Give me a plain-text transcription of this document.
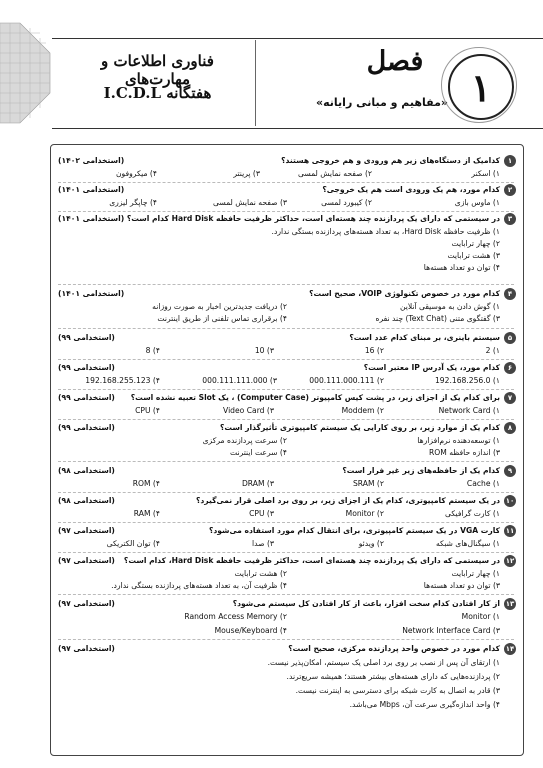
فناوری اطلاعات و مهارت‌های
هفتگانه I.C.D.L
فصل
«مفاهیم و مبانی رایانه» ۱
۱
کدامیک از دستگاه‌های زیر هم ورودی و هم خروجی هستند؟
(استخدامی ۱۴۰۲)
۱) اسکنر
۲) صفحه نمایش لمسی
۳) پرینتر
۴) میکروفون
۲
کدام مورد، هم یک ورودی است هم یک خروجی؟
(استخدامی ۱۴۰۱)
۱) ماوس بازی
۲) کیبورد لمسی
۳) صفحه نمایش لمسی
۴) چاپگر لیزری
۳
در سیستمی که دارای یک پردازنده چند هسته‌ای است، حداکثر ظرفیت حافظه Hard Disk کدام است؟
(استخدامی ۱۴۰۱)
۱) ظرفیت حافظه Hard Disk، به تعداد هسته‌های پردازنده بستگی ندارد.
۲) چهار ترابایت
۳) هشت ترابایت
۴) توان دو تعداد هسته‌ها
۴
کدام مورد در خصوص تکنولوژی VOIP، صحیح است؟
(استخدامی ۱۴۰۱)
۱) گوش دادن به موسیقی آنلاین
۲) دریافت جدیدترین اخبار به صورت روزانه
۳) گفتگوی متنی (Text Chat) چند نفره
۴) برقراری تماس تلفنی از طریق اینترنت
۵
سیستم باینری، بر مبنای کدام عدد است؟
(استخدامی ۹۹)
۱) 2
۲) 16
۳) 10
۴) 8
۶
کدام مورد، یک آدرس IP معتبر است؟
(استخدامی ۹۹)
۱) 192.168.256.0
۲) 000.111.000.111
۳) 000.111.111.000
۴) 192.168.255.123
۷
برای کدام یک از اجزای زیر، در پشت کیس کامپیوتر (Computer Case) ، یک Slot تعبیه نشده است؟
(استخدامی ۹۹)
۱) Network Card
۲) Moddem
۳) Video Card
۴) CPU
۸
کدام یک از موارد زیر، بر روی کارایی یک سیستم کامپیوتری تأثیرگذار است؟
(استخدامی ۹۹)
۱) توسعه‌دهنده نرم‌افزارها
۲) سرعت پردازنده مرکزی
۳) اندازه حافظه ROM
۴) سرعت اینترنت
۹
کدام یک از حافظه‌های زیر غیر فرار است؟
(استخدامی ۹۸)
۱) Cache
۲) SRAM
۳) DRAM
۴) ROM
۱۰
در یک سیستم کامپیوتری، کدام یک از اجزای زیر، بر روی برد اصلی قرار نمی‌گیرد؟
(استخدامی ۹۸)
۱) کارت گرافیکی
۲) Monitor
۳) CPU
۴) RAM
۱۱
کارت VGA در یک سیستم کامپیوتری، برای انتقال کدام مورد استفاده می‌شود؟
(استخدامی ۹۷)
۱) سیگنال‌های شبکه
۲) ویدئو
۳) صدا
۴) توان الکتریکی
۱۲
در سیستمی که دارای یک پردازنده چند هسته‌ای است، حداکثر ظرفیت حافظه Hard Disk، کدام است؟
(استخدامی ۹۷)
۱) چهار ترابایت
۲) هشت ترابایت
۳) توان دو تعداد هسته‌ها
۴) ظرفیت آن، به تعداد هسته‌های پردازنده بستگی ندارد.
۱۳
از کار افتادن کدام سخت افزار، باعث از کار افتادن کل سیستم می‌شود؟
(استخدامی ۹۷)
۱) Monitor
۲) Random Access Memory
۳) Network Interface Card
۴) Mouse/Keyboard
۱۴
کدام مورد در خصوص واحد پردازنده مرکزی، صحیح است؟
(استخدامی ۹۷)
۱) ارتقای آن پس از نصب بر روی برد اصلی یک سیستم، امکان‌پذیر نیست.
۲) پردازنده‌هایی که دارای هسته‌های بیشتر هستند؛ همیشه سریع‌ترند.
۳) قادر به اتصال به کارت شبکه برای دسترسی به اینترنت نیست.
۴) واحد اندازه‌گیری سرعت آن، Mbps می‌باشد.
